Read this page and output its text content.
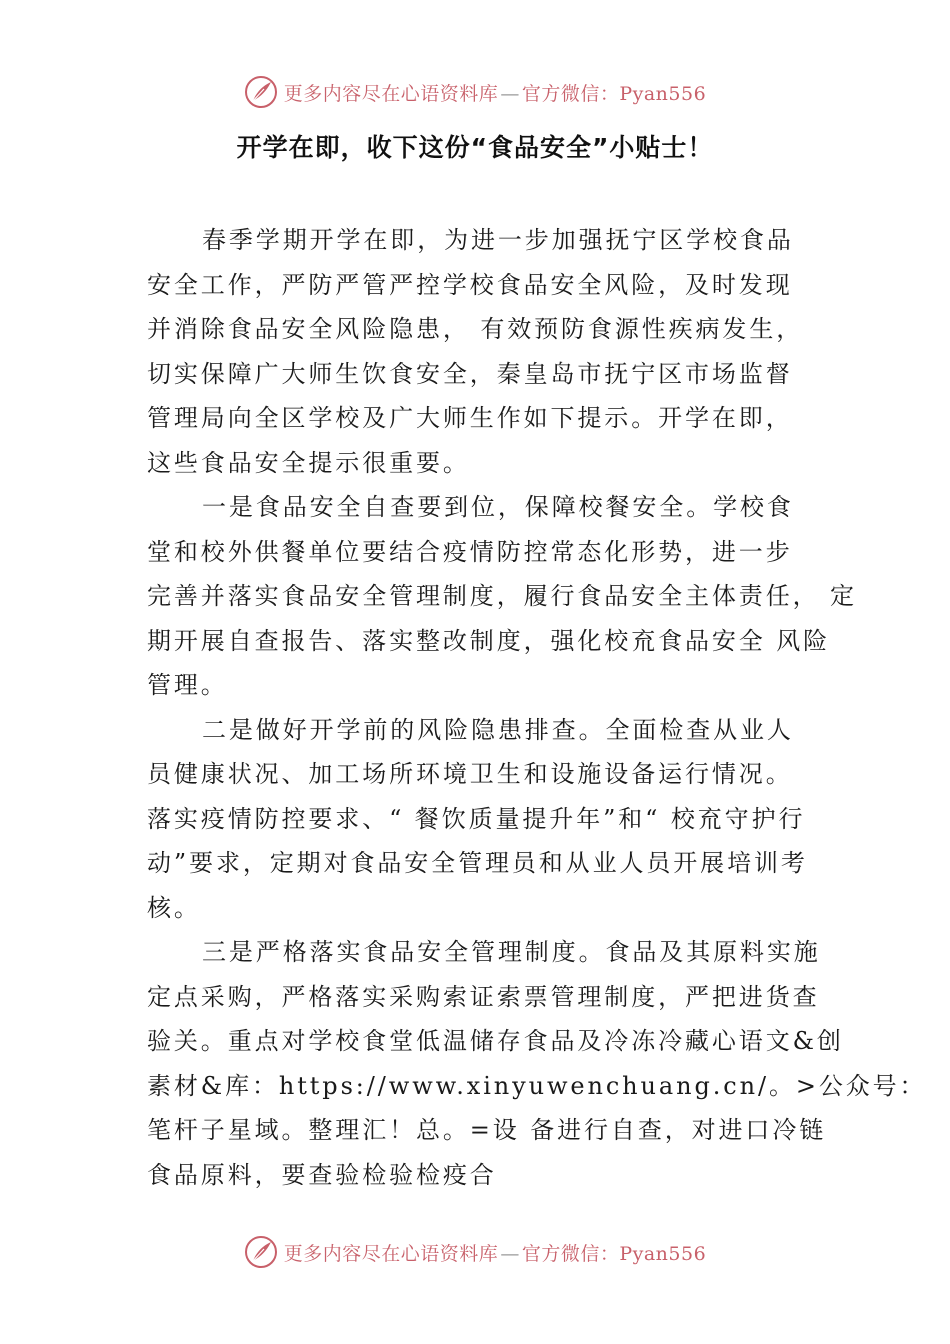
更多内容尽在心语资料库 — 官方微信：Pyan556
开学在即，收下这份“食品安全”小贴士！
春季学期开学在即，为进一步加强抚宁区学校食品
安全工作，严防严管严控学校食品安全风险，及时发现
并消除食品安全风险隐患， 有效预防食源性疾病发生，
切实保障广大师生饮食安全，秦皇岛市抚宁区市场监督
管理局向全区学校及广大师生作如下提示。开学在即，
这些食品安全提示很重要。
一是食品安全自查要到位，保障校餐安全。学校食
堂和校外供餐单位要结合疫情防控常态化形势，进一步
完善并落实食品安全管理制度，履行食品安全主体责任， 定
期开展自查报告、落实整改制度，强化校㐬食品安全 风险
管理。
二是做好开学前的风险隐患排查。全面检查从业人
员健康状况、加工场所环境卫生和设施设备运行情况。
落实疫情防控要求、“ 餐饮质量提升年”和“ 校㐬守护行
动”要求，定期对食品安全管理员和从业人员开展培训考
核。
三是严格落实食品安全管理制度。食品及其原料实施
定点采购，严格落实采购索证索票管理制度，严把进货查
验关。重点对学校食堂低温储存食品及冷冻冷藏心语文&创
素材&库：https://www.xinyuwenchuang.cn/。>公众号：
笔杆子星域。整理汇！总。=设 备进行自查，对进口冷链
食品原料，要查验检验检疫合
更多内容尽在心语资料库 — 官方微信：Pyan556
